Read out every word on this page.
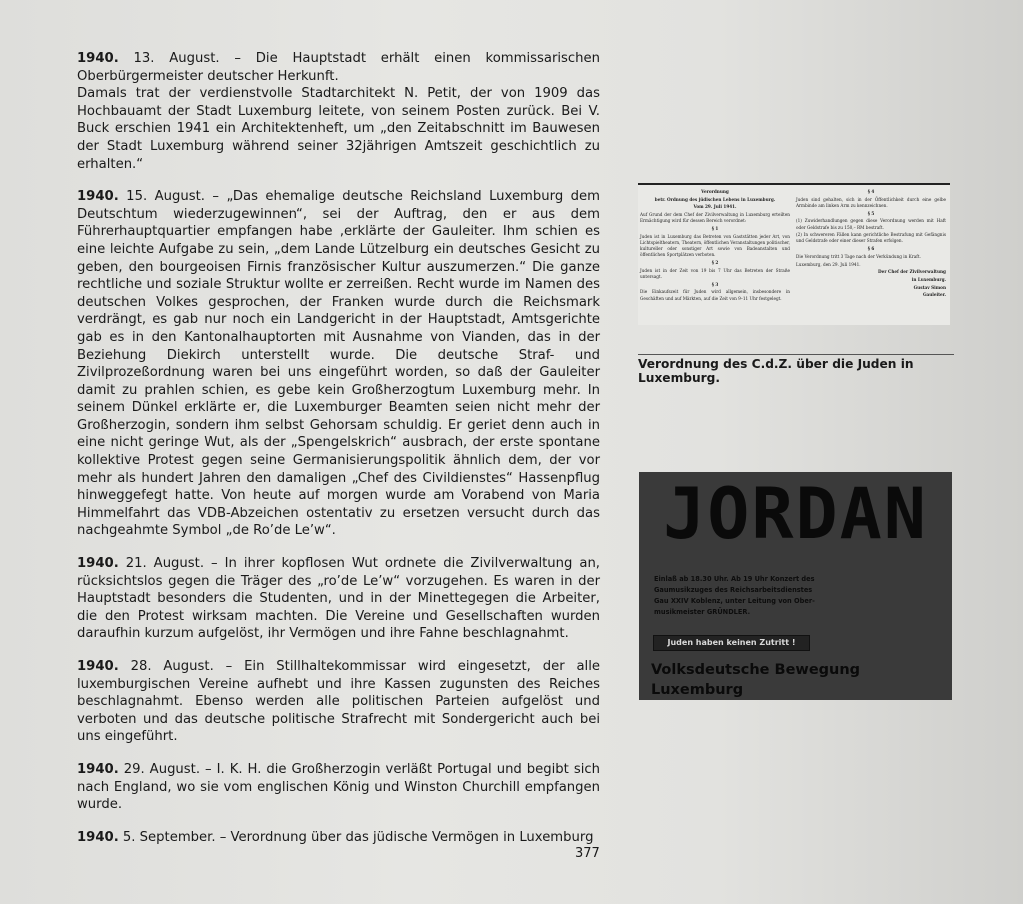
1940. 13. August. – Die Hauptstadt erhält einen kommissarischen Oberbürgermeister deutscher Herkunft.

Damals trat der verdienstvolle Stadtarchitekt N. Petit, der von 1909 das Hochbauamt der Stadt Luxemburg leitete, von seinem Posten zurück. Bei V. Buck erschien 1941 ein Architektenheft, um „den Zeitabschnitt im Bauwesen der Stadt Luxemburg während seiner 32jährigen Amtszeit geschichtlich zu erhalten.“

1940. 15. August. – „Das ehemalige deutsche Reichsland Luxemburg dem Deutschtum wiederzugewinnen“, sei der Auftrag, den er aus dem Führerhauptquartier empfangen habe ‚erklärte der Gauleiter. Ihm schien es eine leichte Aufgabe zu sein, „dem Lande Lützelburg ein deutsches Gesicht zu geben, den bourgeoisen Firnis französischer Kultur auszumerzen.“ Die ganze rechtliche und soziale Struktur wollte er zerreißen. Recht wurde im Namen des deutschen Volkes gesprochen, der Franken wurde durch die Reichsmark verdrängt, es gab nur noch ein Landgericht in der Hauptstadt, Amtsgerichte gab es in den Kantonalhauptorten mit Ausnahme von Vianden, das in der Beziehung Diekirch unterstellt wurde. Die deutsche Straf- und Zivilprozeßordnung waren bei uns eingeführt worden, so daß der Gauleiter damit zu prahlen schien, es gebe kein Großherzogtum Luxemburg mehr. In seinem Dünkel erklärte er, die Luxemburger Beamten seien nicht mehr der Großherzogin, sondern ihm selbst Gehorsam schuldig. Er geriet denn auch in eine nicht geringe Wut, als der „Spengelskrich“ ausbrach, der erste spontane kollektive Protest gegen seine Germanisierungspolitik ähnlich dem, der vor mehr als hundert Jahren den damaligen „Chef des Civildienstes“ Hassenpflug hinweggefegt hatte. Von heute auf morgen wurde am Vorabend von Maria Himmelfahrt das VDB-Abzeichen ostentativ zu ersetzen versucht durch das nachgeahmte Symbol „de Ro’de Le’w“.

1940. 21. August. – In ihrer kopflosen Wut ordnete die Zivilverwaltung an, rücksichtslos gegen die Träger des „ro’de Le’w“ vorzugehen. Es waren in der Hauptstadt besonders die Studenten, und in der Minettegegen die Arbeiter, die den Protest wirksam machten. Die Vereine und Gesellschaften wurden daraufhin kurzum aufgelöst, ihr Vermögen und ihre Fahne beschlagnahmt.

1940. 28. August. – Ein Stillhaltekommissar wird eingesetzt, der alle luxemburgischen Vereine aufhebt und ihre Kassen zugunsten des Reiches beschlagnahmt. Ebenso werden alle politischen Parteien aufgelöst und verboten und das deutsche politische Strafrecht mit Sondergericht auch bei uns eingeführt.

1940. 29. August. – I. K. H. die Großherzogin verläßt Portugal und begibt sich nach England, wo sie vom englischen König und Winston Churchill empfangen wurde.

1940. 5. September. – Verordnung über das jüdische Vermögen in Luxemburg

377

Verordnung

betr. Ordnung des jüdischen Lebens in Luxemburg.

Vom 29. Juli 1941.

Auf Grund der dem Chef der Zivilverwaltung in Luxemburg erteilten Ermächtigung wird für dessen Bereich verordnet:

§ 1

Juden ist in Luxemburg das Betreten von Gaststätten jeder Art, von Lichtspieltheatern, Theatern, öffentlichen Veranstaltungen politischer, kultureller oder sonstiger Art sowie von Badeanstalten und öffentlichen Sportplätzen verboten.

§ 2

Juden ist in der Zeit von 19 bis 7 Uhr das Betreten der Straße untersagt.

§ 3

Die Einkaufszeit für Juden wird allgemein, insbesondere in Geschäften und auf Märkten, auf die Zeit von 9–11 Uhr festgelegt.

§ 4

Juden sind gehalten, sich in der Öffentlichkeit durch eine gelbe Armbinde am linken Arm zu kennzeichnen.

§ 5

(1) Zuwiderhandlungen gegen diese Verordnung werden mit Haft oder Geldstrafe bis zu 150,– RM bestraft.

(2) In schwereren Fällen kann gerichtliche Bestrafung mit Gefängnis und Geldstrafe oder einer dieser Strafen erfolgen.

§ 6

Die Verordnung tritt 3 Tage nach der Verkündung in Kraft.

Luxemburg, den 29. Juli 1941.

Der Chef der Zivilverwaltung

in Luxemburg.

Gustav Simon

Gauleiter.

Verordnung des C.d.Z. über die Juden in Luxemburg.
JORDAN
Einlaß ab 18.30 Uhr. Ab 19 Uhr Konzert des
Gaumusikzuges des Reichsarbeitsdienstes
Gau XXIV Koblenz, unter Leitung von Ober-
musikmeister GRÜNDLER.
Juden haben keinen Zutritt !
Volksdeutsche Bewegung Luxemburg
